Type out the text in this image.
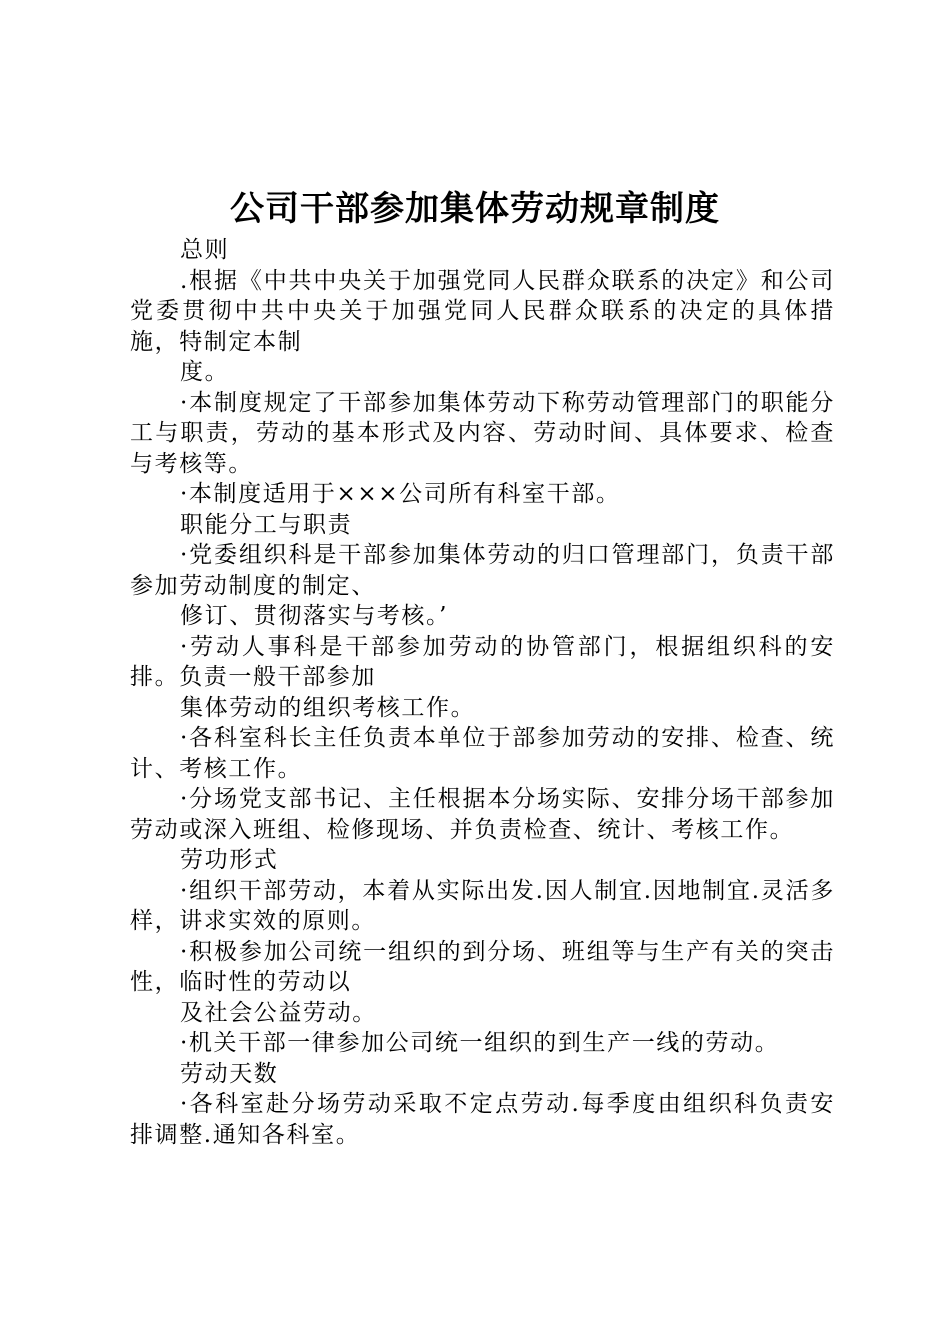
公司干部参加集体劳动规章制度

总则

.根据《中共中央关于加强党同人民群众联系的决定》和公司党委贯彻中共中央关于加强党同人民群众联系的决定的具体措施，特制定本制

度。

·本制度规定了干部参加集体劳动下称劳动管理部门的职能分工与职责，劳动的基本形式及内容、劳动时间、具体要求、检查与考核等。

·本制度适用于×××公司所有科室干部。

职能分工与职责

·党委组织科是干部参加集体劳动的归口管理部门，负责干部参加劳动制度的制定、

修订、贯彻落实与考核。’

·劳动人事科是干部参加劳动的协管部门，根据组织科的安排。负责一般干部参加

集体劳动的组织考核工作。

·各科室科长主任负责本单位于部参加劳动的安排、检查、统计、考核工作。

·分场党支部书记、主任根据本分场实际、安排分场干部参加劳动或深入班组、检修现场、并负责检查、统计、考核工作。

劳功形式

·组织干部劳动，本着从实际出发.因人制宜.因地制宜.灵活多样，讲求实效的原则。

·积极参加公司统一组织的到分场、班组等与生产有关的突击性，临时性的劳动以

及社会公益劳动。

·机关干部一律参加公司统一组织的到生产一线的劳动。

劳动天数

·各科室赴分场劳动采取不定点劳动.每季度由组织科负责安排调整.通知各科室。
